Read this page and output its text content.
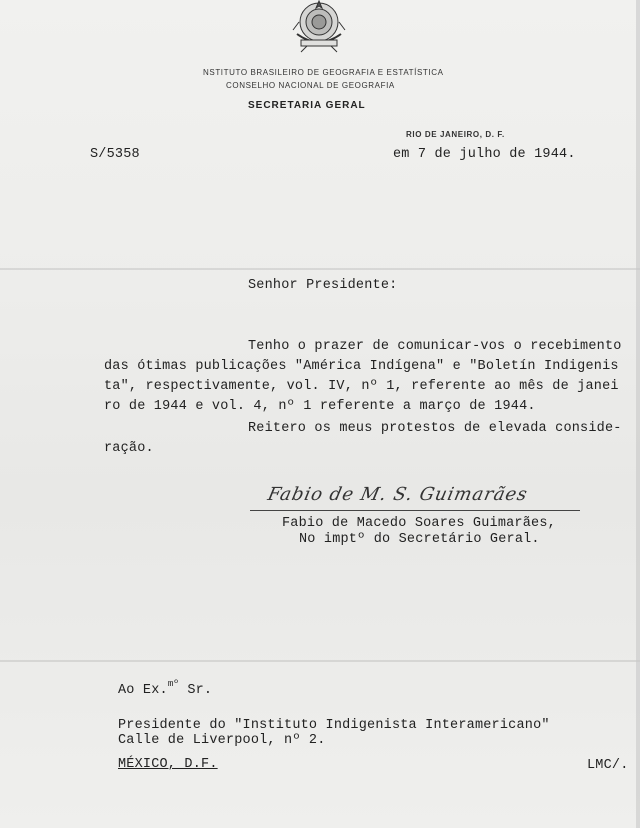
NSTITUTO BRASILEIRO DE GEOGRAFIA E ESTATÍSTICA
CONSELHO NACIONAL DE GEOGRAFIA
SECRETARIA GERAL
RIO DE JANEIRO, D. F.
S/5358	em 7 de julho de 1944.
Senhor Presidente:
Tenho o prazer de comunicar-vos o recebimento
das ótimas publicações "América Indígena" e "Boletín Indigenis
ta", respectivamente, vol. IV, nº 1, referente ao mês de janei
ro de 1944 e vol. 4, nº 1 referente a março de 1944.
Reitero os meus protestos de elevada conside-
ração.
Fabio de M. S. Guimarães
Fabio de Macedo Soares Guimarães,
No imptº do Secretário Geral.
Ao Ex.$^{mº}$ Sr.
Presidente do "Instituto Indigenista Interamericano"
Calle de Liverpool, nº 2.
MÉXICO, D.F.	LMC/.
